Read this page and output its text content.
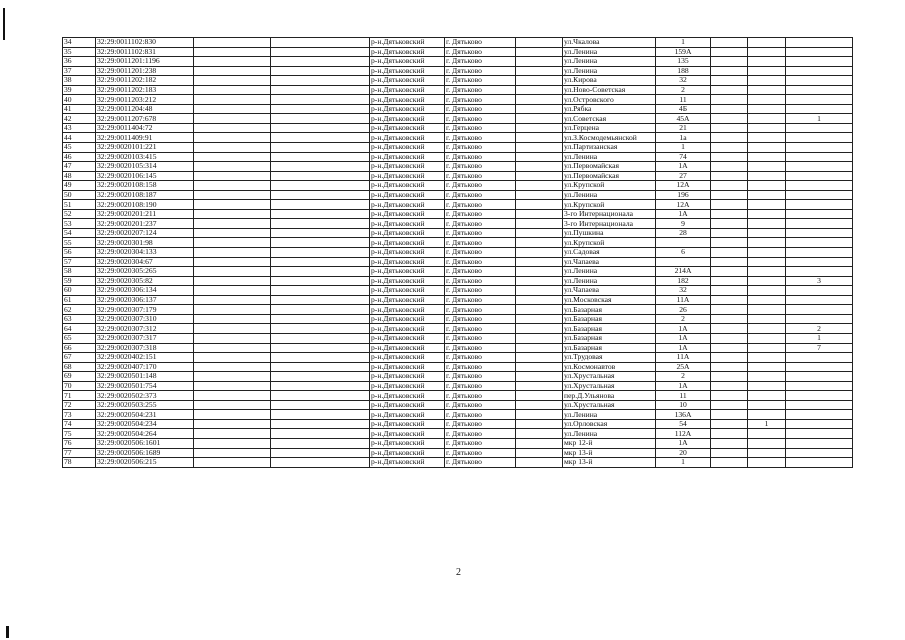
34	32:29:0011102:830			р-н.Дятьковский	г. Дятьково		ул.Чкалова	1			
35	32:29:0011102:831			р-н.Дятьковский	г. Дятьково		ул.Ленина	159А			
36	32:29:0011201:1196			р-н.Дятьковский	г. Дятьково		ул.Ленина	135			
37	32:29:0011201:238			р-н.Дятьковский	г. Дятьково		ул.Ленина	188			
38	32:29:0011202:182			р-н.Дятьковский	г. Дятьково		ул.Кирова	32			
39	32:29:0011202:183			р-н.Дятьковский	г. Дятьково		ул.Ново-Советская	2			
40	32:29:0011203:212			р-н.Дятьковский	г. Дятьково		ул.Островского	11			
41	32:29:0011204:48			р-н.Дятьковский	г. Дятьково		ул.Рябка	4Б			
42	32:29:0011207:678			р-н.Дятьковский	г. Дятьково		ул.Советская	45А			1
43	32:29:0011404:72			р-н.Дятьковский	г. Дятьково		ул.Герцена	21			
44	32:29:0011409:91			р-н.Дятьковский	г. Дятьково		ул.З.Космодемьянской	1а			
45	32:29:0020101:221			р-н.Дятьковский	г. Дятьково		ул.Партизанская	1			
46	32:29:0020103:415			р-н.Дятьковский	г. Дятьково		ул.Ленина	74			
47	32:29:0020105:314			р-н.Дятьковский	г. Дятьково		ул.Первомайская	1А			
48	32:29:0020106:145			р-н.Дятьковский	г. Дятьково		ул.Первомайская	27			
49	32:29:0020108:158			р-н.Дятьковский	г. Дятьково		ул.Крупской	12А			
50	32:29:0020108:187			р-н.Дятьковский	г. Дятьково		ул.Ленина	196			
51	32:29:0020108:190			р-н.Дятьковский	г. Дятьково		ул.Крупской	12А			
52	32:29:0020201:211			р-н.Дятьковский	г. Дятьково		3-го Интернационала	1А			
53	32:29:0020201:237			р-н.Дятьковский	г. Дятьково		3-го Интернационала	9			
54	32:29:0020207:124			р-н.Дятьковский	г. Дятьково		ул.Пушкина	28			
55	32:29:0020301:98			р-н.Дятьковский	г. Дятьково		ул.Крупской				
56	32:29:0020304:133			р-н.Дятьковский	г. Дятьково		ул.Садовая	6			
57	32:29:0020304:67			р-н.Дятьковский	г. Дятьково		ул.Чапаева				
58	32:29:0020305:265			р-н.Дятьковский	г. Дятьково		ул.Ленина	214А			
59	32:29:0020305:82			р-н.Дятьковский	г. Дятьково		ул.Ленина	182			3
60	32:29:0020306:134			р-н.Дятьковский	г. Дятьково		ул.Чапаева	32			
61	32:29:0020306:137			р-н.Дятьковский	г. Дятьково		ул.Московская	11А			
62	32:29:0020307:179			р-н.Дятьковский	г. Дятьково		ул.Базарная	26			
63	32:29:0020307:310			р-н.Дятьковский	г. Дятьково		ул.Базарная	2			
64	32:29:0020307:312			р-н.Дятьковский	г. Дятьково		ул.Базарная	1А			2
65	32:29:0020307:317			р-н.Дятьковский	г. Дятьково		ул.Базарная	1А			1
66	32:29:0020307:318			р-н.Дятьковский	г. Дятьково		ул.Базарная	1А			7
67	32:29:0020402:151			р-н.Дятьковский	г. Дятьково		ул.Трудовая	11А			
68	32:29:0020407:170			р-н.Дятьковский	г. Дятьково		ул.Космонавтов	25А			
69	32:29:0020501:148			р-н.Дятьковский	г. Дятьково		ул.Хрустальная	2			
70	32:29:0020501:754			р-н.Дятьковский	г. Дятьково		ул.Хрустальная	1А			
71	32:29:0020502:373			р-н.Дятьковский	г. Дятьково		пер.Д.Ульянова	11			
72	32:29:0020503:255			р-н.Дятьковский	г. Дятьково		ул.Хрустальная	10			
73	32:29:0020504:231			р-н.Дятьковский	г. Дятьково		ул.Ленина	136А			
74	32:29:0020504:234			р-н.Дятьковский	г. Дятьково		ул.Орловская	54		1	
75	32:29:0020504:264			р-н.Дятьковский	г. Дятьково		ул.Ленина	112А			
76	32:29:0020506:1601			р-н.Дятьковский	г. Дятьково		мкр 12-й	1А			
77	32:29:0020506:1689			р-н.Дятьковский	г. Дятьково		мкр 13-й	20			
78	32:29:0020506:215			р-н.Дятьковский	г. Дятьково		мкр 13-й	1			
2
